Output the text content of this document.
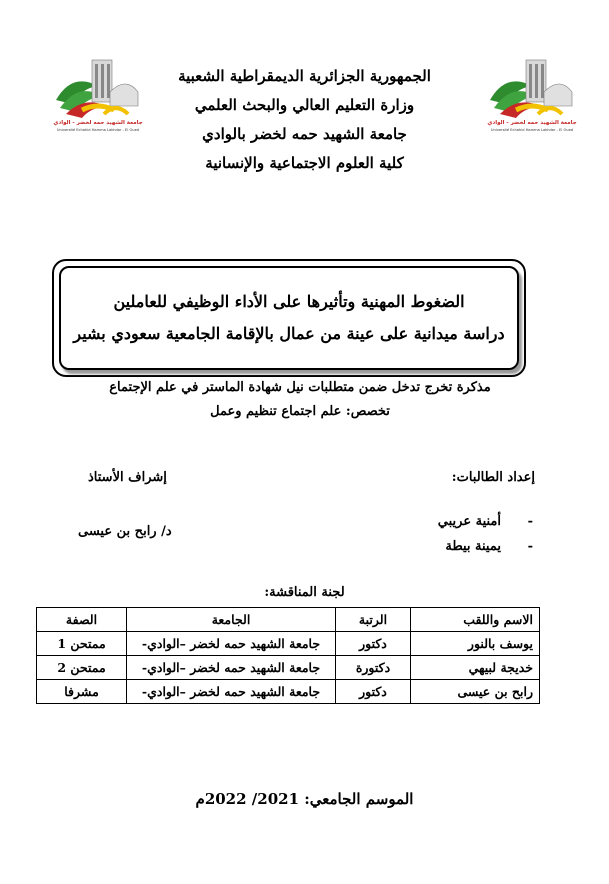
جامعة الشهيد حمه لخضر - الوادي
Université Echahid Hamma Lakhdar - El Oued
جامعة الشهيد حمه لخضر - الوادي
Université Echahid Hamma Lakhdar - El Oued
الجمهورية الجزائرية الديمقراطية الشعبية
وزارة التعليم العالي والبحث العلمي
جامعة الشهيد حمه لخضر بالوادي
كلية العلوم الاجتماعية والإنسانية
الضغوط المهنية وتأثيرها على الأداء الوظيفي للعاملين
دراسة ميدانية على عينة من عمال بالإقامة الجامعية سعودي بشير
مذكرة تخرج تدخل ضمن متطلبات نيل شهادة الماستر في علم الإجتماع
تخصص: علم اجتماع تنظيم وعمل
إعداد الطالبات:
إشراف الأستاذ
-أمنية عريبي
-يمينة بيطة
د/ رابح بن عيسى
لجنة المناقشة:
الاسم واللقب	الرتبة	الجامعة	الصفة
يوسف بالنور	دكتور	جامعة الشهيد حمه لخضر –الوادي-	ممتحن 1
خديجة لبيهي	دكتورة	جامعة الشهيد حمه لخضر –الوادي-	ممتحن 2
رابح بن عيسى	دكتور	جامعة الشهيد حمه لخضر –الوادي-	مشرفا
الموسم الجامعي: 2021/ 2022م
